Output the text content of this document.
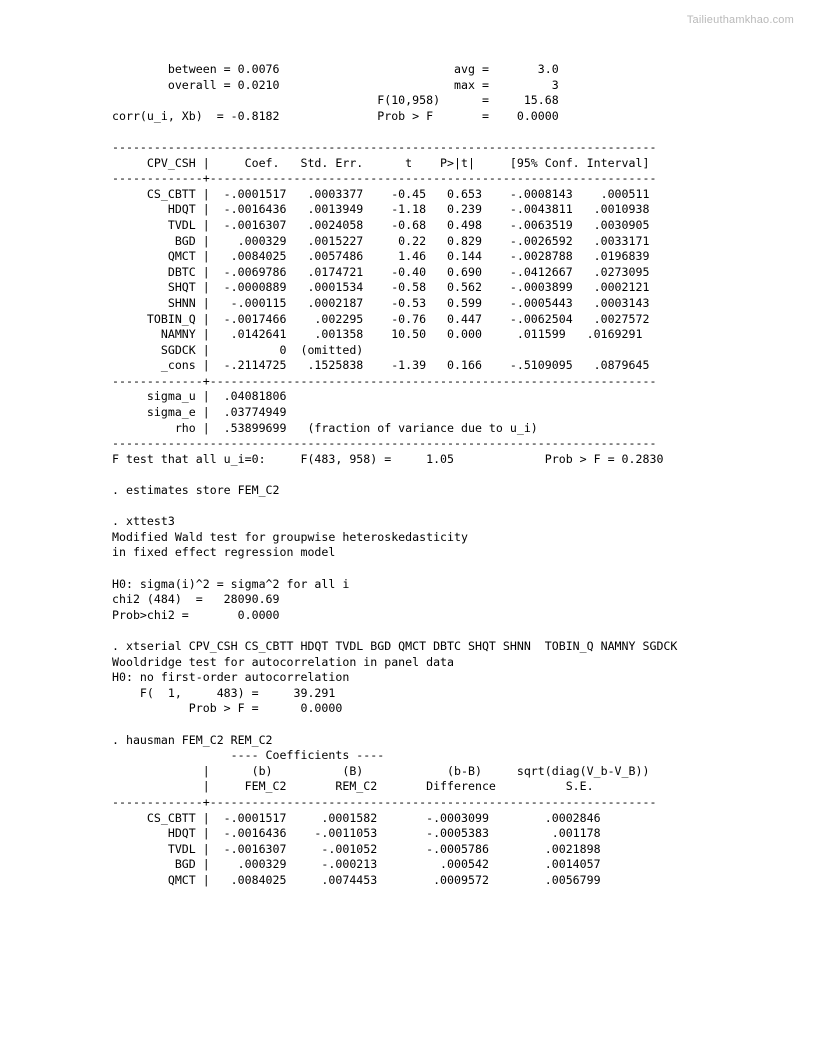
Tailieuthamkhao.com
between = 0.0076                         avg =       3.0
overall = 0.0210                         max =         3
F(10,958)      =     15.68
corr(u_i, Xb)  = -0.8182              Prob > F       =    0.0000

------------------------------------------------------------------------------
CPV_CSH |     Coef.   Std. Err.      t    P>|t|     [95% Conf. Interval]
-------------+----------------------------------------------------------------
CS_CBTT |  -.0001517   .0003377    -0.45   0.653    -.0008143    .000511
HDQT |  -.0016436   .0013949    -1.18   0.239    -.0043811   .0010938
TVDL |  -.0016307   .0024058    -0.68   0.498    -.0063519   .0030905
BGD |    .000329   .0015227     0.22   0.829    -.0026592   .0033171
QMCT |   .0084025   .0057486     1.46   0.144    -.0028788   .0196839
DBTC |  -.0069786   .0174721    -0.40   0.690    -.0412667   .0273095
SHQT |  -.0000889   .0001534    -0.58   0.562    -.0003899   .0002121
SHNN |   -.000115   .0002187    -0.53   0.599    -.0005443   .0003143
TOBIN_Q |  -.0017466    .002295    -0.76   0.447    -.0062504   .0027572
NAMNY |   .0142641    .001358    10.50   0.000     .011599   .0169291
SGDCK |          0  (omitted)
_cons |  -.2114725   .1525838    -1.39   0.166    -.5109095   .0879645
-------------+----------------------------------------------------------------
sigma_u |  .04081806
sigma_e |  .03774949
rho |  .53899699   (fraction of variance due to u_i)
------------------------------------------------------------------------------
F test that all u_i=0:     F(483, 958) =     1.05             Prob > F = 0.2830

. estimates store FEM_C2

. xttest3
Modified Wald test for groupwise heteroskedasticity
in fixed effect regression model

H0: sigma(i)^2 = sigma^2 for all i
chi2 (484)  =   28090.69
Prob>chi2 =       0.0000

. xtserial CPV_CSH CS_CBTT HDQT TVDL BGD QMCT DBTC SHQT SHNN  TOBIN_Q NAMNY SGDCK
Wooldridge test for autocorrelation in panel data
H0: no first-order autocorrelation
F(  1,     483) =     39.291
Prob > F =      0.0000

. hausman FEM_C2 REM_C2
---- Coefficients ----
|      (b)          (B)            (b-B)     sqrt(diag(V_b-V_B))
|     FEM_C2       REM_C2       Difference          S.E.
-------------+----------------------------------------------------------------
CS_CBTT |  -.0001517     .0001582       -.0003099        .0002846
HDQT |  -.0016436    -.0011053       -.0005383         .001178
TVDL |  -.0016307     -.001052       -.0005786        .0021898
BGD |    .000329     -.000213         .000542        .0014057
QMCT |   .0084025     .0074453        .0009572        .0056799
